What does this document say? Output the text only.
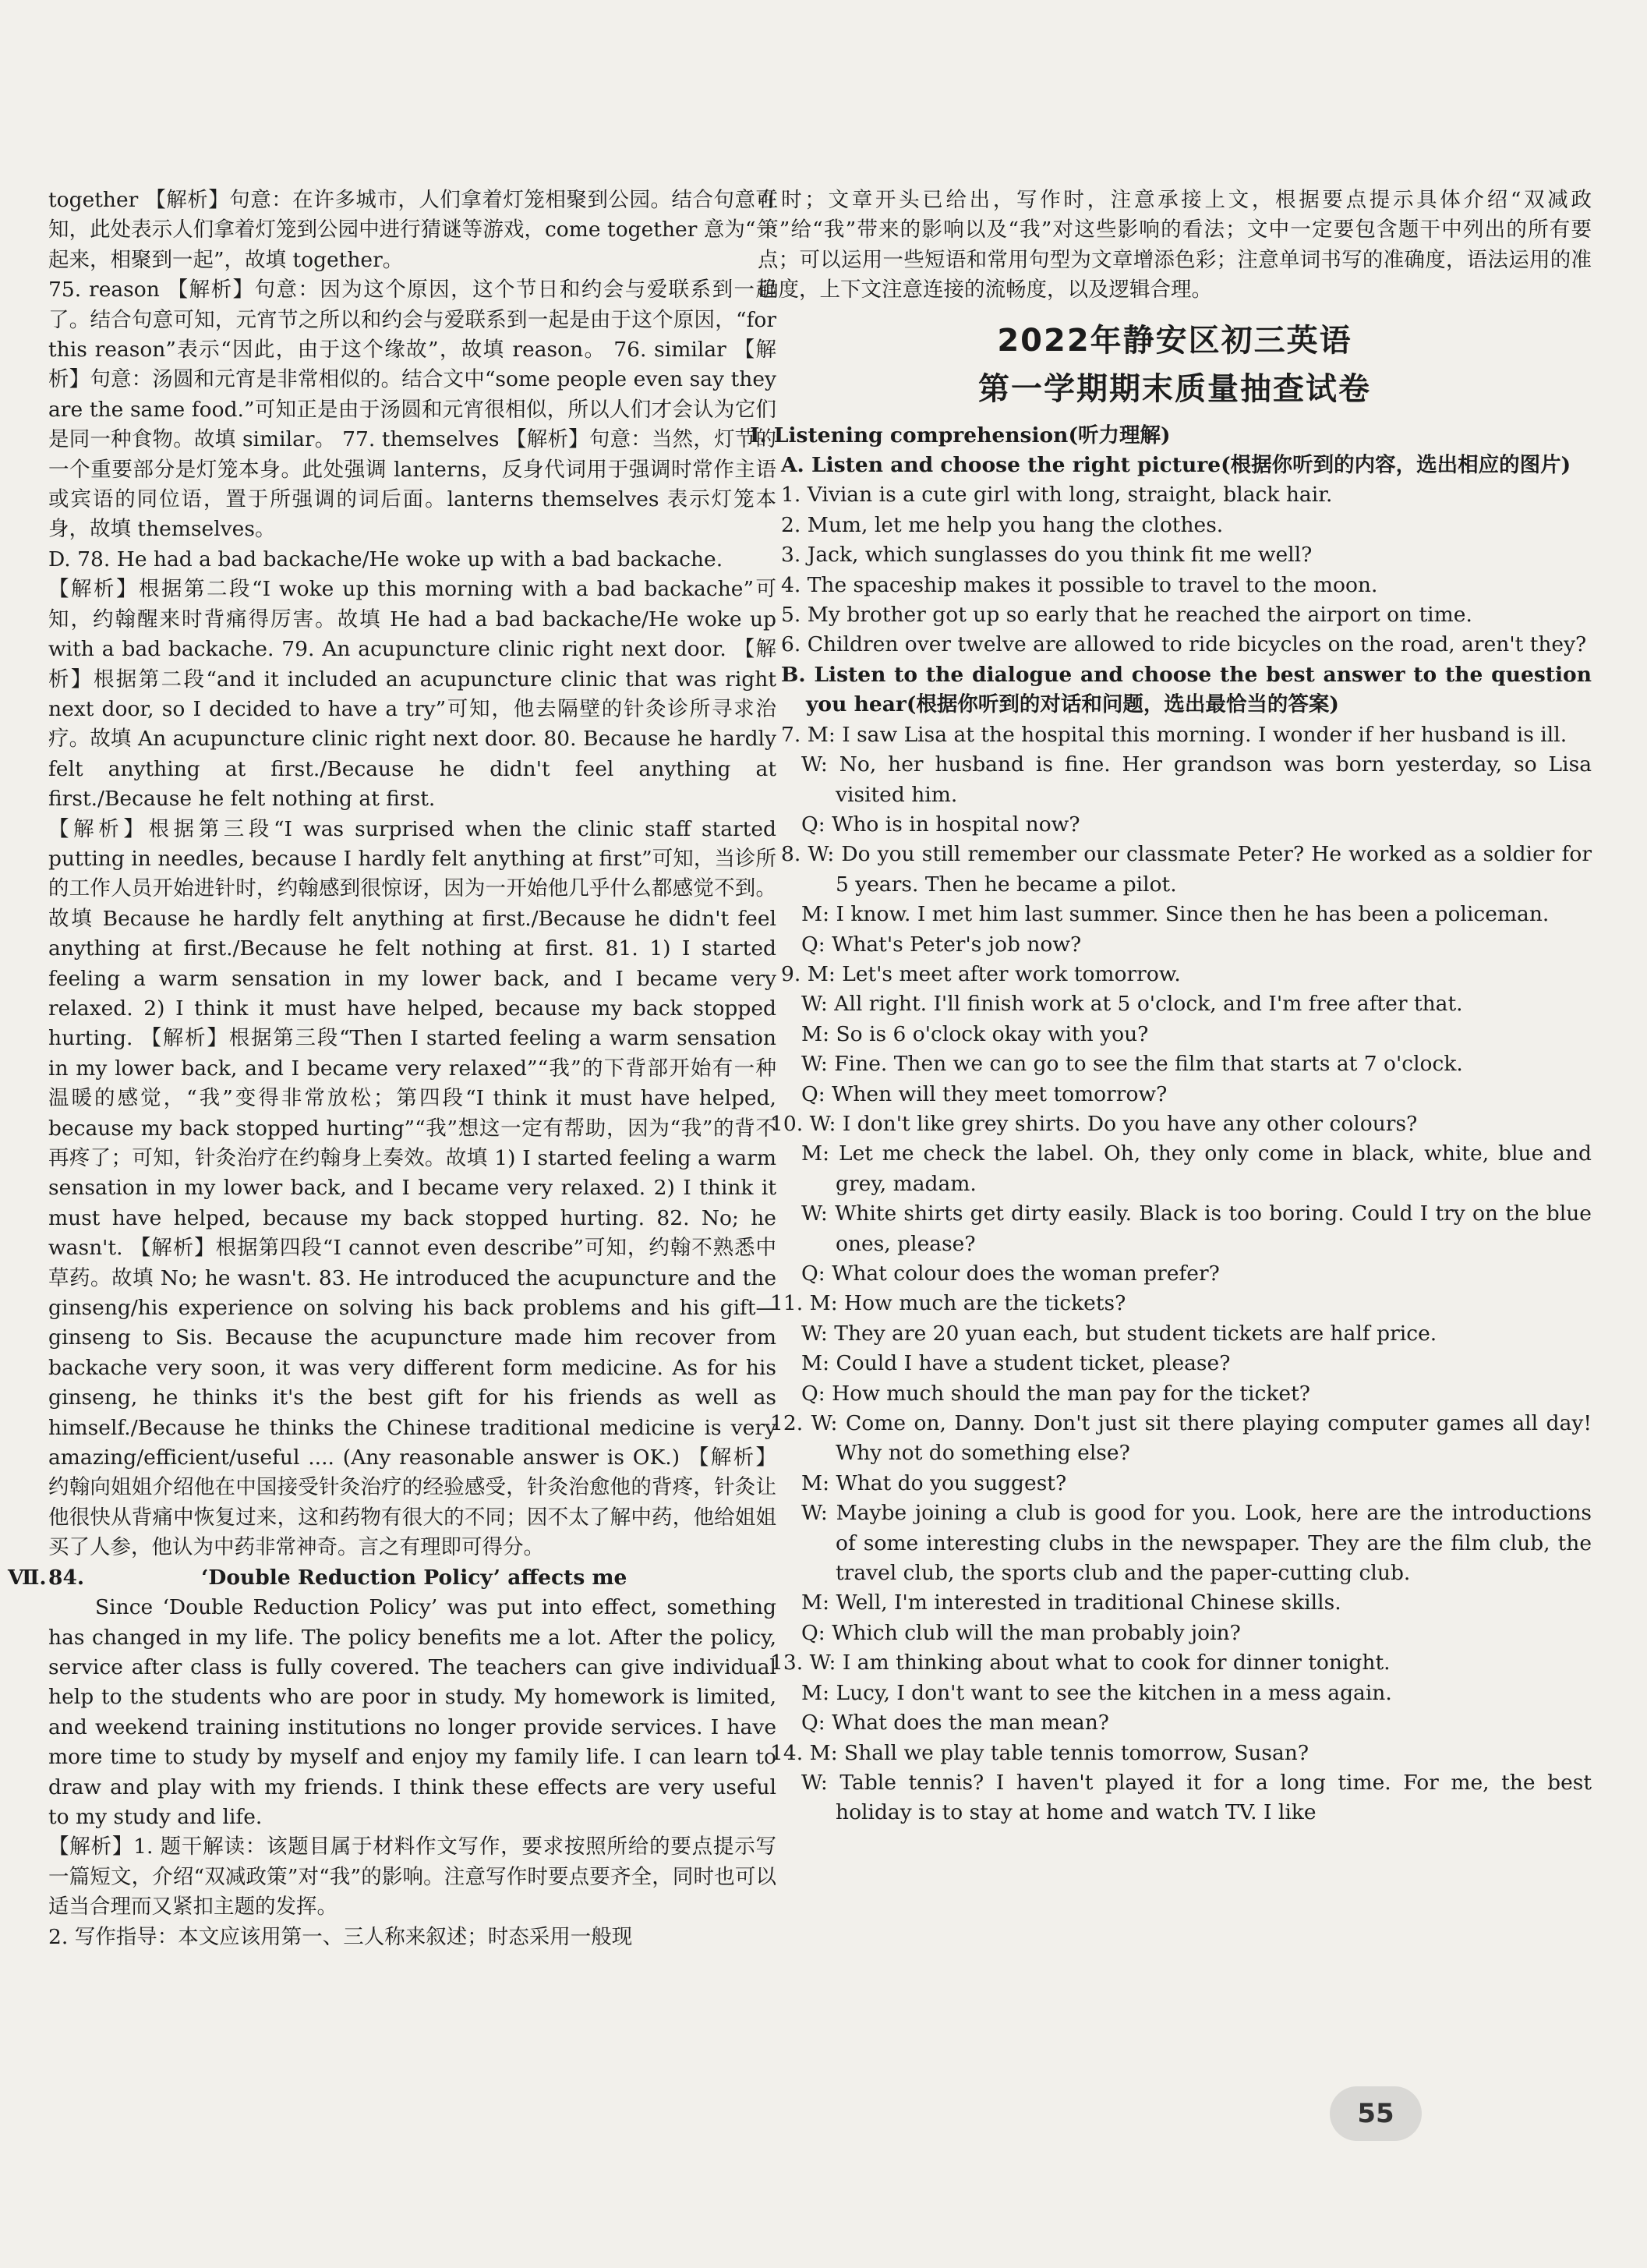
together 【解析】句意：在许多城市，人们拿着灯笼相聚到公园。结合句意可知，此处表示人们拿着灯笼到公园中进行猜谜等游戏，come together 意为“一起来，相聚到一起”，故填 together。

75. reason 【解析】句意：因为这个原因，这个节日和约会与爱联系到一起了。结合句意可知，元宵节之所以和约会与爱联系到一起是由于这个原因，“for this reason”表示“因此，由于这个缘故”，故填 reason。 76. similar 【解析】句意：汤圆和元宵是非常相似的。结合文中“some people even say they are the same food.”可知正是由于汤圆和元宵很相似，所以人们才会认为它们是同一种食物。故填 similar。 77. themselves 【解析】句意：当然，灯节的一个重要部分是灯笼本身。此处强调 lanterns，反身代词用于强调时常作主语或宾语的同位语，置于所强调的词后面。lanterns themselves 表示灯笼本身，故填 themselves。

D. 78. He had a bad backache/He woke up with a bad backache.

【解析】根据第二段“I woke up this morning with a bad backache”可知，约翰醒来时背痛得厉害。故填 He had a bad backache/He woke up with a bad backache. 79. An acupuncture clinic right next door. 【解析】根据第二段“and it included an acupuncture clinic that was right next door, so I decided to have a try”可知，他去隔壁的针灸诊所寻求治疗。故填 An acupuncture clinic right next door. 80. Because he hardly felt anything at first./Because he didn't feel anything at first./Because he felt nothing at first.

【解析】根据第三段“I was surprised when the clinic staff started putting in needles, because I hardly felt anything at first”可知，当诊所的工作人员开始进针时，约翰感到很惊讶，因为一开始他几乎什么都感觉不到。故填 Because he hardly felt anything at first./Because he didn't feel anything at first./Because he felt nothing at first. 81. 1) I started feeling a warm sensation in my lower back, and I became very relaxed. 2) I think it must have helped, because my back stopped hurting. 【解析】根据第三段“Then I started feeling a warm sensation in my lower back, and I became very relaxed”“我”的下背部开始有一种温暖的感觉，“我”变得非常放松；第四段“I think it must have helped, because my back stopped hurting”“我”想这一定有帮助，因为“我”的背不再疼了；可知，针灸治疗在约翰身上奏效。故填 1) I started feeling a warm sensation in my lower back, and I became very relaxed. 2) I think it must have helped, because my back stopped hurting. 82. No; he wasn't. 【解析】根据第四段“I cannot even describe”可知，约翰不熟悉中草药。故填 No; he wasn't. 83. He introduced the acupuncture and the ginseng/his experience on solving his back problems and his gift—ginseng to Sis. Because the acupuncture made him recover from backache very soon, it was very different form medicine. As for his ginseng, he thinks it's the best gift for his friends as well as himself./Because he thinks the Chinese traditional medicine is very amazing/efficient/useful .... (Any reasonable answer is OK.) 【解析】约翰向姐姐介绍他在中国接受针灸治疗的经验感受，针灸治愈他的背疼，针灸让他很快从背痛中恢复过来，这和药物有很大的不同；因不太了解中药，他给姐姐买了人参，他认为中药非常神奇。言之有理即可得分。

Ⅶ. 84.	‘Double Reduction Policy’ affects me

Since ‘Double Reduction Policy’ was put into effect, something has changed in my life. The policy benefits me a lot. After the policy, service after class is fully covered. The teachers can give individual help to the students who are poor in study. My homework is limited, and weekend training institutions no longer provide services. I have more time to study by myself and enjoy my family life. I can learn to draw and play with my friends. I think these effects are very useful to my study and life.

【解析】1. 题干解读：该题目属于材料作文写作，要求按照所给的要点提示写一篇短文，介绍“双减政策”对“我”的影响。注意写作时要点要齐全，同时也可以适当合理而又紧扣主题的发挥。

2. 写作指导：本文应该用第一、三人称来叙述；时态采用一般现

在时；文章开头已给出，写作时，注意承接上文，根据要点提示具体介绍“双减政策”给“我”带来的影响以及“我”对这些影响的看法；文中一定要包含题干中列出的所有要点；可以运用一些短语和常用句型为文章增添色彩；注意单词书写的准确度，语法运用的准确度，上下文注意连接的流畅度，以及逻辑合理。

2022年静安区初三英语
第一学期期末质量抽查试卷

Ⅰ. Listening comprehension(听力理解)

A. Listen and choose the right picture(根据你听到的内容，选出相应的图片)

1. Vivian is a cute girl with long, straight, black hair.

2. Mum, let me help you hang the clothes.

3. Jack, which sunglasses do you think fit me well?

4. The spaceship makes it possible to travel to the moon.

5. My brother got up so early that he reached the airport on time.

6. Children over twelve are allowed to ride bicycles on the road, aren't they?

B. Listen to the dialogue and choose the best answer to the question you hear(根据你听到的对话和问题，选出最恰当的答案)

7. M: I saw Lisa at the hospital this morning. I wonder if her husband is ill.

W: No, her husband is fine. Her grandson was born yesterday, so Lisa visited him.

Q: Who is in hospital now?

8. W: Do you still remember our classmate Peter? He worked as a soldier for 5 years. Then he became a pilot.

M: I know. I met him last summer. Since then he has been a policeman.

Q: What's Peter's job now?

9. M: Let's meet after work tomorrow.

W: All right. I'll finish work at 5 o'clock, and I'm free after that.

M: So is 6 o'clock okay with you?

W: Fine. Then we can go to see the film that starts at 7 o'clock.

Q: When will they meet tomorrow?

10. W: I don't like grey shirts. Do you have any other colours?

M: Let me check the label. Oh, they only come in black, white, blue and grey, madam.

W: White shirts get dirty easily. Black is too boring. Could I try on the blue ones, please?

Q: What colour does the woman prefer?

11. M: How much are the tickets?

W: They are 20 yuan each, but student tickets are half price.

M: Could I have a student ticket, please?

Q: How much should the man pay for the ticket?

12. W: Come on, Danny. Don't just sit there playing computer games all day! Why not do something else?

M: What do you suggest?

W: Maybe joining a club is good for you. Look, here are the introductions of some interesting clubs in the newspaper. They are the film club, the travel club, the sports club and the paper-cutting club.

M: Well, I'm interested in traditional Chinese skills.

Q: Which club will the man probably join?

13. W: I am thinking about what to cook for dinner tonight.

M: Lucy, I don't want to see the kitchen in a mess again.

Q: What does the man mean?

14. M: Shall we play table tennis tomorrow, Susan?

W: Table tennis? I haven't played it for a long time. For me, the best holiday is to stay at home and watch TV. I like

55
